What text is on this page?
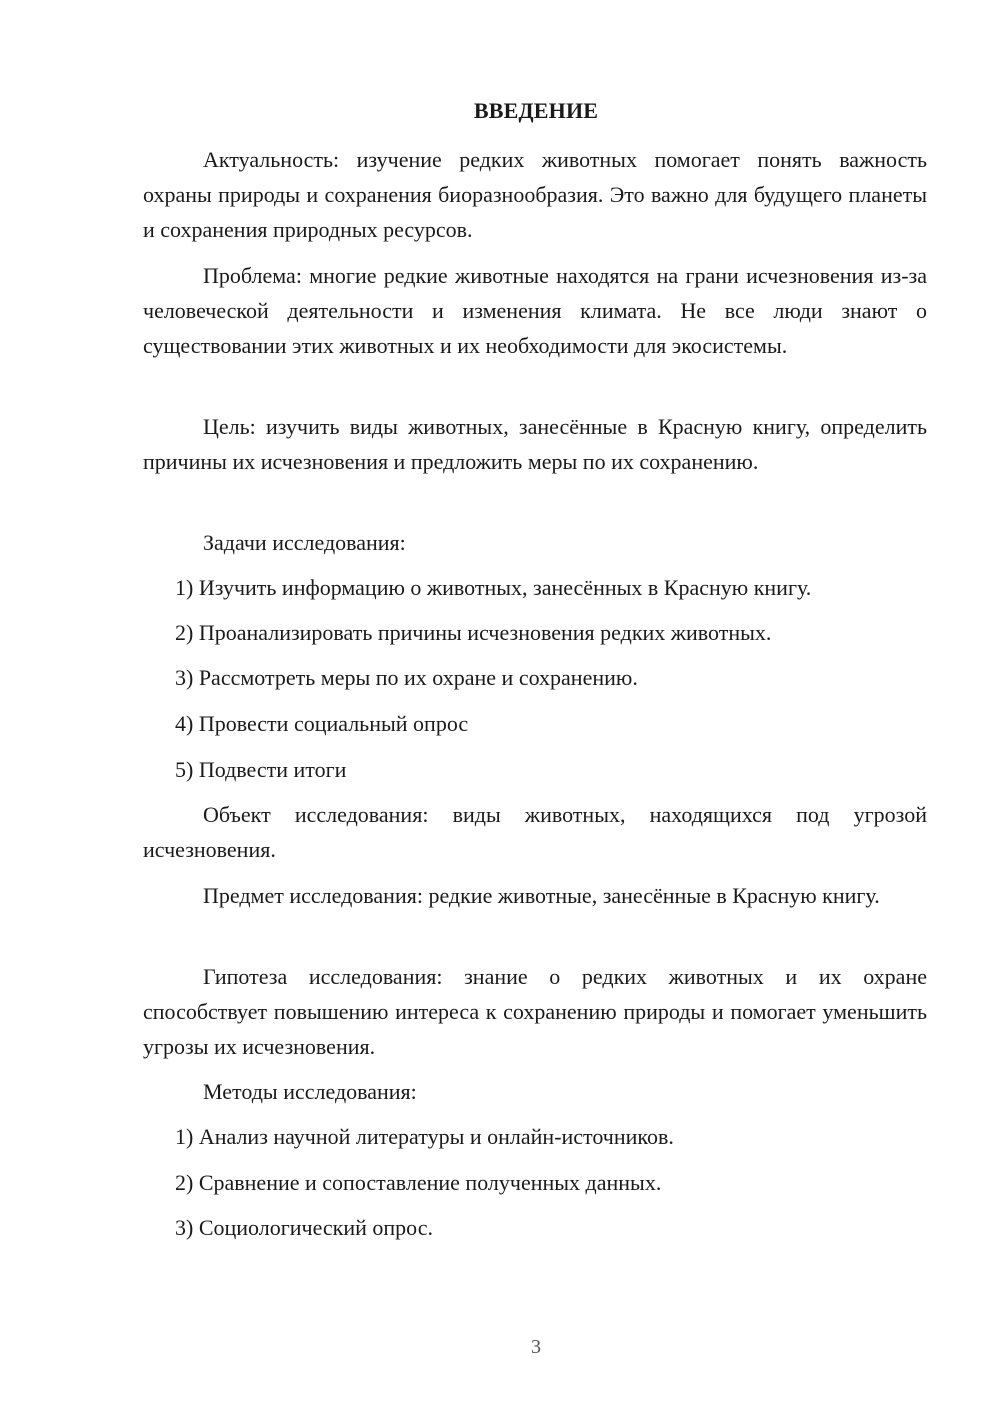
ВВЕДЕНИЕ

Актуальность: изучение редких животных помогает понять важность охраны природы и сохранения биоразнообразия. Это важно для будущего планеты и сохранения природных ресурсов.

Проблема: многие редкие животные находятся на грани исчезновения из-за человеческой деятельности и изменения климата. Не все люди знают о существовании этих животных и их необходимости для экосистемы.

Цель: изучить виды животных, занесённые в Красную книгу, определить причины их исчезновения и предложить меры по их сохранению.

Задачи исследования:

1) Изучить информацию о животных, занесённых в Красную книгу.

2) Проанализировать причины исчезновения редких животных.

3) Рассмотреть меры по их охране и сохранению.

4) Провести социальный опрос

5) Подвести итоги

Объект исследования: виды животных, находящихся под угрозой исчезновения.

Предмет исследования: редкие животные, занесённые в Красную книгу.

Гипотеза исследования: знание о редких животных и их охране способствует повышению интереса к сохранению природы и помогает уменьшить угрозы их исчезновения.

Методы исследования:

1) Анализ научной литературы и онлайн-источников.

2) Сравнение и сопоставление полученных данных.

3) Социологический опрос.

3
